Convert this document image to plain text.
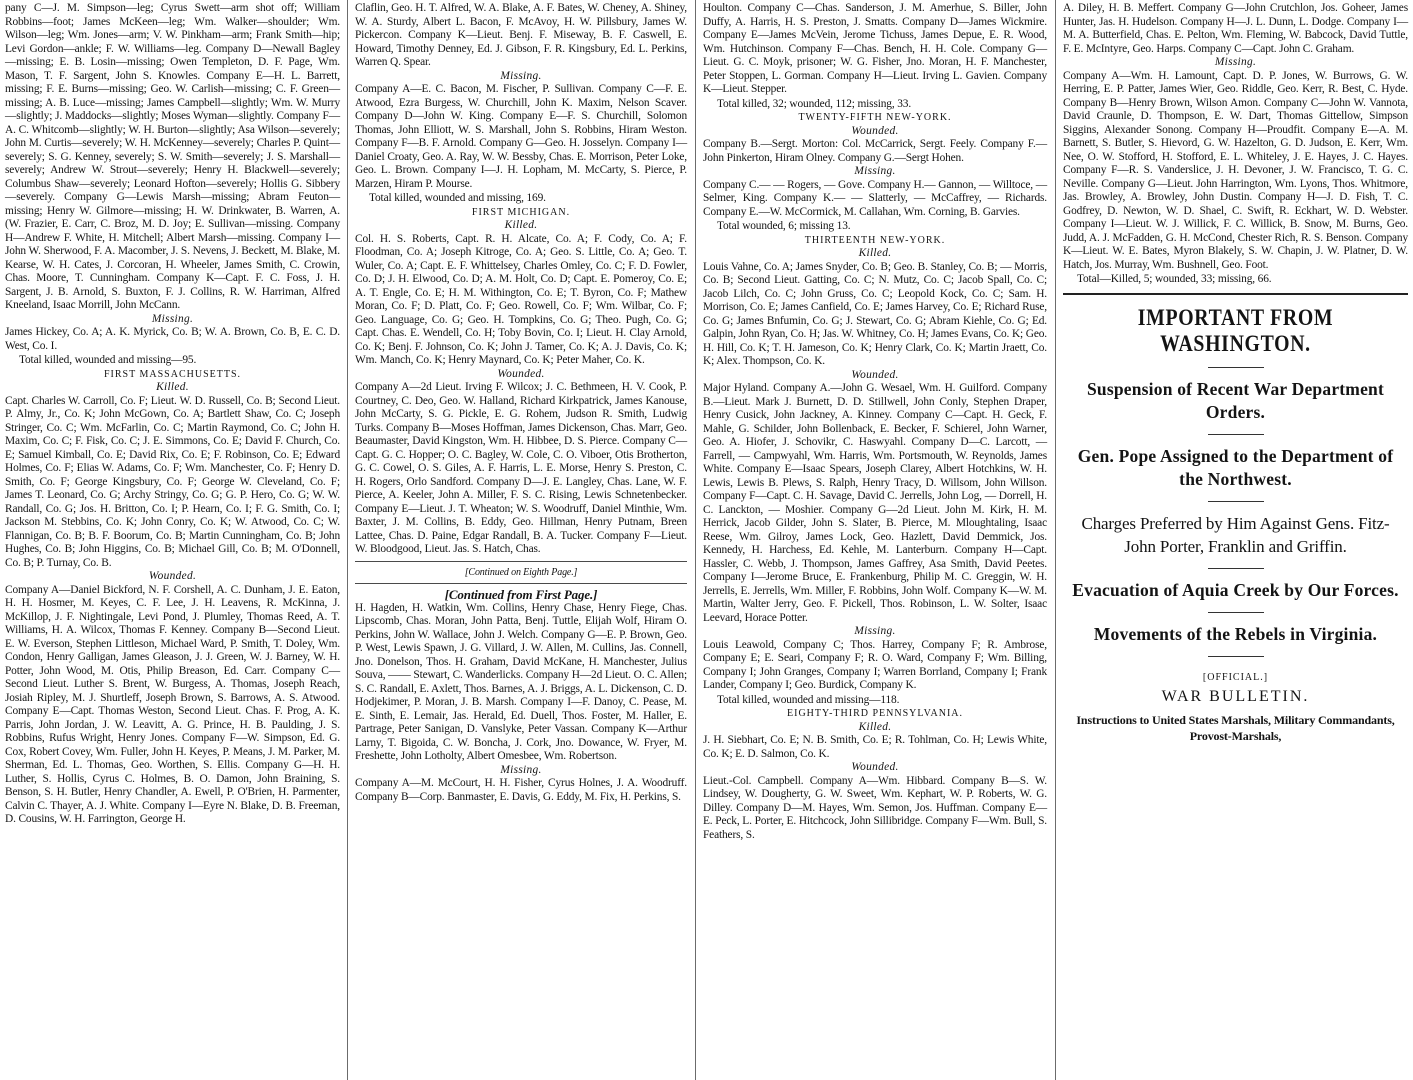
pany C—J. M. Simpson—leg; Cyrus Swett—arm shot off; William Robbins—foot; James McKeen—leg; Wm. Walker—shoulder; Wm. Wilson—leg; Wm. Jones—arm; V. W. Pinkham—arm; Frank Smith—hip; Levi Gordon—ankle; F. W. Williams—leg. Company D—Newall Bagley—missing; E. B. Losin—missing; Owen Templeton, D. F. Page, Wm. Mason, T. F. Sargent, John S. Knowles. Company E—H. L. Barrett, missing; F. E. Burns—missing; Geo. W. Carlish—missing; C. F. Green—missing; A. B. Luce—missing; James Campbell—slightly; Wm. W. Murry—slightly; J. Maddocks—slightly; Moses Wyman—slightly. Company F—A. C. Whitcomb—slightly; W. H. Burton—slightly; Asa Wilson—severely; John M. Curtis—severely; W. H. McKenney—severely; Charles P. Quint—severely; S. G. Kenney, severely; S. W. Smith—severely; J. S. Marshall—severely; Andrew W. Strout—severely; Henry H. Blackwell—severely; Columbus Shaw—severely; Leonard Hofton—severely; Hollis G. Sibbery—severely. Company G—Lewis Marsh—missing; Abram Feuton—missing; Henry W. Gilmore—missing; H. W. Drinkwater, B. Warren, A. (W. Frazier, E. Carr, C. Broz, M. D. Joy; E. Sullivan—missing. Company H—Andrew F. White, H. Mitchell; Albert Marsh—missing. Company I—John W. Sherwood, F. A. Macomber, J. S. Nevens, J. Beckett, M. Blake, M. Kearse, W. H. Cates, J. Corcoran, H. Wheeler, James Smith, C. Crowin, Chas. Moore, T. Cunningham. Company K—Capt. F. C. Foss, J. H. Sargent, J. B. Arnold, S. Buxton, F. J. Collins, R. W. Harriman, Alfred Kneeland, Isaac Morrill, John McCann.

Missing.

James Hickey, Co. A; A. K. Myrick, Co. B; W. A. Brown, Co. B, E. C. D. West, Co. I.

Total killed, wounded and missing—95.

FIRST MASSACHUSETTS.

Killed.

Capt. Charles W. Carroll, Co. F; Lieut. W. D. Russell, Co. B; Second Lieut. P. Almy, Jr., Co. K; John McGown, Co. A; Bartlett Shaw, Co. C; Joseph Stringer, Co. C; Wm. McFarlin, Co. C; Martin Raymond, Co. C; John H. Maxim, Co. C; F. Fisk, Co. C; J. E. Simmons, Co. E; David F. Church, Co. E; Samuel Kimball, Co. E; David Rix, Co. E; F. Robinson, Co. E; Edward Holmes, Co. F; Elias W. Adams, Co. F; Wm. Manchester, Co. F; Henry D. Smith, Co. F; George Kingsbury, Co. F; George W. Cleveland, Co. F; James T. Leonard, Co. G; Archy Stringy, Co. G; G. P. Hero, Co. G; W. W. Randall, Co. G; Jos. H. Britton, Co. I; P. Hearn, Co. I; F. G. Smith, Co. I; Jackson M. Stebbins, Co. K; John Conry, Co. K; W. Atwood, Co. C; W. Flannigan, Co. B; B. F. Boorum, Co. B; Martin Cunningham, Co. B; John Hughes, Co. B; John Higgins, Co. B; Michael Gill, Co. B; M. O'Donnell, Co. B; P. Turnay, Co. B.

Wounded.

Company A—Daniel Bickford, N. F. Corshell, A. C. Dunham, J. E. Eaton, H. H. Hosmer, M. Keyes, C. F. Lee, J. H. Leavens, R. McKinna, J. McKillop, J. F. Nightingale, Levi Pond, J. Plumley, Thomas Reed, A. T. Williams, H. A. Wilcox, Thomas F. Kenney. Company B—Second Lieut. E. W. Everson, Stephen Littleson, Michael Ward, P. Smith, T. Doley, Wm. Condon, Henry Galligan, James Gleason, J. J. Green, W. J. Barney, W. H. Potter, John Wood, M. Otis, Philip Breason, Ed. Carr. Company C—Second Lieut. Luther S. Brent, W. Burgess, A. Thomas, Joseph Reach, Josiah Ripley, M. J. Shurtleff, Joseph Brown, S. Barrows, A. S. Atwood. Company E—Capt. Thomas Weston, Second Lieut. Chas. F. Prog, A. K. Parris, John Jordan, J. W. Leavitt, A. G. Prince, H. B. Paulding, J. S. Robbins, Rufus Wright, Henry Jones. Company F—W. Simpson, Ed. G. Cox, Robert Covey, Wm. Fuller, John H. Keyes, P. Means, J. M. Parker, M. Sherman, Ed. L. Thomas, Geo. Worthen, S. Ellis. Company G—H. H. Luther, S. Hollis, Cyrus C. Holmes, B. O. Damon, John Braining, S. Benson, S. H. Butler, Henry Chandler, A. Ewell, P. O'Brien, H. Parmenter, Calvin C. Thayer, A. J. White. Company I—Eyre N. Blake, D. B. Freeman, D. Cousins, W. H. Farrington, George H.

Claflin, Geo. H. T. Alfred, W. A. Blake, A. F. Bates, W. Cheney, A. Shiney, W. A. Sturdy, Albert L. Bacon, F. McAvoy, H. W. Pillsbury, James W. Pickercon. Company K—Lieut. Benj. F. Miseway, B. F. Caswell, E. Howard, Timothy Denney, Ed. J. Gibson, F. R. Kingsbury, Ed. L. Perkins, Warren Q. Spear.

Missing.

Company A—E. C. Bacon, M. Fischer, P. Sullivan. Company C—F. E. Atwood, Ezra Burgess, W. Churchill, John K. Maxim, Nelson Scaver. Company D—John W. King. Company E—F. S. Churchill, Solomon Thomas, John Elliott, W. S. Marshall, John S. Robbins, Hiram Weston. Company F—B. F. Arnold. Company G—Geo. H. Josselyn. Company I—Daniel Croaty, Geo. A. Ray, W. W. Bessby, Chas. E. Morrison, Peter Loke, Geo. L. Brown. Company I—J. H. Lopham, M. McCarty, S. Pierce, P. Marzen, Hiram P. Mourse.

Total killed, wounded and missing, 169.

FIRST MICHIGAN.

Killed.

Col. H. S. Roberts, Capt. R. H. Alcate, Co. A; F. Cody, Co. A; F. Floodman, Co. A; Joseph Kitroge, Co. A; Geo. S. Little, Co. A; Geo. T. Wuler, Co. A; Capt. E. F. Whittelsey, Charles Omley, Co. C; F. D. Fowler, Co. D; J. H. Elwood, Co. D; A. M. Holt, Co. D; Capt. E. Pomeroy, Co. E; A. T. Engle, Co. E; H. M. Withington, Co. E; T. Byron, Co. F; Mathew Moran, Co. F; D. Platt, Co. F; Geo. Rowell, Co. F; Wm. Wilbar, Co. F; Geo. Language, Co. G; Geo. H. Tompkins, Co. G; Theo. Pugh, Co. G; Capt. Chas. E. Wendell, Co. H; Toby Bovin, Co. I; Lieut. H. Clay Arnold, Co. K; Benj. F. Johnson, Co. K; John J. Tamer, Co. K; A. J. Davis, Co. K; Wm. Manch, Co. K; Henry Maynard, Co. K; Peter Maher, Co. K.

Wounded.

Company A—2d Lieut. Irving F. Wilcox; J. C. Bethmeen, H. V. Cook, P. Courtney, C. Deo, Geo. W. Halland, Richard Kirkpatrick, James Kanouse, John McCarty, S. G. Pickle, E. G. Rohem, Judson R. Smith, Ludwig Turks. Company B—Moses Hoffman, James Dickenson, Chas. Marr, Geo. Beaumaster, David Kingston, Wm. H. Hibbee, D. S. Pierce. Company C—Capt. G. C. Hopper; O. C. Bagley, W. Cole, C. O. Viboer, Otis Brotherton, G. C. Cowel, O. S. Giles, A. F. Harris, L. E. Morse, Henry S. Preston, C. H. Rogers, Orlo Sandford. Company D—J. E. Langley, Chas. Lane, W. F. Pierce, A. Keeler, John A. Miller, F. S. C. Rising, Lewis Schnetenbecker. Company E—Lieut. J. T. Wheaton; W. S. Woodruff, Daniel Minthie, Wm. Baxter, J. M. Collins, B. Eddy, Geo. Hillman, Henry Putnam, Breen Lattee, Chas. D. Paine, Edgar Randall, B. A. Tucker. Company F—Lieut. W. Bloodgood, Lieut. Jas. S. Hatch, Chas.

[Continued on Eighth Page.]

[Continued from First Page.]

H. Hagden, H. Watkin, Wm. Collins, Henry Chase, Henry Fiege, Chas. Lipscomb, Chas. Moran, John Patta, Benj. Tuttle, Elijah Wolf, Hiram O. Perkins, John W. Wallace, John J. Welch. Company G—E. P. Brown, Geo. P. West, Lewis Spawn, J. G. Villard, J. W. Allen, M. Cullins, Jas. Connell, Jno. Donelson, Thos. H. Graham, David McKane, H. Manchester, Julius Souva, —— Stewart, C. Wanderlicks. Company H—2d Lieut. O. C. Allen; S. C. Randall, E. Axlett, Thos. Barnes, A. J. Briggs, A. L. Dickenson, C. D. Hodjekimer, P. Moran, J. B. Marsh. Company I—F. Danoy, C. Pease, M. E. Sinth, E. Lemair, Jas. Herald, Ed. Duell, Thos. Foster, M. Haller, E. Partrage, Peter Sanigan, D. Vanslyke, Peter Vassan. Company K—Arthur Larny, T. Bigoida, C. W. Boncha, J. Cork, Jno. Dowance, W. Fryer, M. Freshette, John Lotholty, Albert Omesbee, Wm. Robertson.

Missing.

Company A—M. McCourt, H. H. Fisher, Cyrus Holnes, J. A. Woodruff. Company B—Corp. Banmaster, E. Davis, G. Eddy, M. Fix, H. Perkins, S.

Houlton. Company C—Chas. Sanderson, J. M. Amerhue, S. Biller, John Duffy, A. Harris, H. S. Preston, J. Smatts. Company D—James Wickmire. Company E—James McVein, Jerome Tichuss, James Depue, E. R. Wood, Wm. Hutchinson. Company F—Chas. Bench, H. H. Cole. Company G—Lieut. G. C. Moyk, prisoner; W. G. Fisher, Jno. Moran, H. F. Manchester, Peter Stoppen, L. Gorman. Company H—Lieut. Irving L. Gavien. Company K—Lieut. Stepper.

Total killed, 32; wounded, 112; missing, 33.

TWENTY-FIFTH NEW-YORK.

Wounded.

Company B.—Sergt. Morton: Col. McCarrick, Sergt. Feely. Company F.—John Pinkerton, Hiram Olney. Company G.—Sergt Hohen.

Missing.

Company C.— — Rogers, — Gove. Company H.— Gannon, — Willtoce, — Selmer, King. Company K.— — Slatterly, — McCaffrey, — Richards. Company E.—W. McCormick, M. Callahan, Wm. Corning, B. Garvies.

Total wounded, 6; missing 13.

THIRTEENTH NEW-YORK.

Killed.

Louis Vahne, Co. A; James Snyder, Co. B; Geo. B. Stanley, Co. B; — Morris, Co. B; Second Lieut. Gatting, Co. C; N. Mutz, Co. C; Jacob Spall, Co. C; Jacob Lilch, Co. C; John Gruss, Co. C; Leopold Kock, Co. C; Sam. H. Morrison, Co. E; James Canfield, Co. E; James Harvey, Co. E; Richard Ruse, Co. G; James Bnfumin, Co. G; J. Stewart, Co. G; Abram Kiehle, Co. G; Ed. Galpin, John Ryan, Co. H; Jas. W. Whitney, Co. H; James Evans, Co. K; Geo. H. Hill, Co. K; T. H. Jameson, Co. K; Henry Clark, Co. K; Martin Jraett, Co. K; Alex. Thompson, Co. K.

Wounded.

Major Hyland. Company A.—John G. Wesael, Wm. H. Guilford. Company B.—Lieut. Mark J. Burnett, D. D. Stillwell, John Conly, Stephen Draper, Henry Cusick, John Jackney, A. Kinney. Company C—Capt. H. Geck, F. Mahle, G. Schilder, John Bollenback, E. Becker, F. Schierel, John Warner, Geo. A. Hiofer, J. Schovikr, C. Haswyahl. Company D—C. Larcott, — Farrell, — Campwyahl, Wm. Harris, Wm. Portsmouth, W. Reynolds, James White. Company E—Isaac Spears, Joseph Clarey, Albert Hotchkins, W. H. Lewis, Lewis B. Plews, S. Ralph, Henry Tracy, D. Willsom, John Willson. Company F—Capt. C. H. Savage, David C. Jerrells, John Log, — Dorrell, H. C. Lanckton, — Moshier. Company G—2d Lieut. John M. Kirk, H. M. Herrick, Jacob Gilder, John S. Slater, B. Pierce, M. Mloughtaling, Isaac Reese, Wm. Gilroy, James Lock, Geo. Hazlett, David Demmick, Jos. Kennedy, H. Harchess, Ed. Kehle, M. Lanterburn. Company H—Capt. Hassler, C. Webb, J. Thompson, James Gaffrey, Asa Smith, David Peetes. Company I—Jerome Bruce, E. Frankenburg, Philip M. C. Greggin, W. H. Jerrells, E. Jerrells, Wm. Miller, F. Robbins, John Wolf. Company K—W. M. Martin, Walter Jerry, Geo. F. Pickell, Thos. Robinson, L. W. Solter, Isaac Leevard, Horace Potter.

Missing.

Louis Leawold, Company C; Thos. Harrey, Company F; R. Ambrose, Company E; E. Seari, Company F; R. O. Ward, Company F; Wm. Billing, Company I; John Granges, Company I; Warren Borrland, Company I; Frank Lander, Company I; Geo. Burdick, Company K.

Total killed, wounded and missing—118.

EIGHTY-THIRD PENNSYLVANIA.

Killed.

J. H. Siebhart, Co. E; N. B. Smith, Co. E; R. Tohlman, Co. H; Lewis White, Co. K; E. D. Salmon, Co. K.

Wounded.

Lieut.-Col. Campbell. Company A—Wm. Hibbard. Company B—S. W. Lindsey, W. Dougherty, G. W. Sweet, Wm. Kephart, W. P. Roberts, W. G. Dilley. Company D—M. Hayes, Wm. Semon, Jos. Huffman. Company E—E. Peck, L. Porter, E. Hitchcock, John Sillibridge. Company F—Wm. Bull, S. Feathers, S.

A. Diley, H. B. Meffert. Company G—John Crutchlon, Jos. Goheer, James Hunter, Jas. H. Hudelson. Company H—J. L. Dunn, L. Dodge. Company I—M. A. Butterfield, Chas. E. Pelton, Wm. Fleming, W. Babcock, David Tuttle, F. E. McIntyre, Geo. Harps. Company C—Capt. John C. Graham.

Missing.

Company A—Wm. H. Lamount, Capt. D. P. Jones, W. Burrows, G. W. Herring, E. P. Patter, James Wier, Geo. Riddle, Geo. Kerr, R. Best, C. Hyde. Company B—Henry Brown, Wilson Amon. Company C—John W. Vannota, David Craunle, D. Thompson, E. W. Dart, Thomas Gittellow, Simpson Siggins, Alexander Sonong. Company H—Proudfit. Company E—A. M. Barnett, S. Butler, S. Hievord, G. W. Hazelton, G. D. Judson, E. Kerr, Wm. Nee, O. W. Stofford, H. Stofford, E. L. Whiteley, J. E. Hayes, J. C. Hayes. Company F—R. S. Vanderslice, J. H. Devoner, J. W. Francisco, T. G. C. Neville. Company G—Lieut. John Harrington, Wm. Lyons, Thos. Whitmore, Jas. Browley, A. Browley, John Dustin. Company H—J. D. Fish, T. C. Godfrey, D. Newton, W. D. Shael, C. Swift, R. Eckhart, W. D. Webster. Company I—Lieut. W. J. Willick, F. C. Willick, B. Snow, M. Burns, Geo. Judd, A. J. McFadden, G. H. McCond, Chester Rich, R. S. Benson. Company K—Lieut. W. E. Bates, Myron Blakely, S. W. Chapin, J. W. Platner, D. W. Hatch, Jos. Murray, Wm. Bushnell, Geo. Foot.

Total—Killed, 5; wounded, 33; missing, 66.

IMPORTANT FROM WASHINGTON.
Suspension of Recent War Department Orders.
Gen. Pope Assigned to the Department of the Northwest.
Charges Preferred by Him Against Gens. Fitz-John Porter, Franklin and Griffin.
Evacuation of Aquia Creek by Our Forces.
Movements of the Rebels in Virginia.
[OFFICIAL.]
WAR BULLETIN.
Instructions to United States Marshals, Military Commandants, Provost-Marshals,
